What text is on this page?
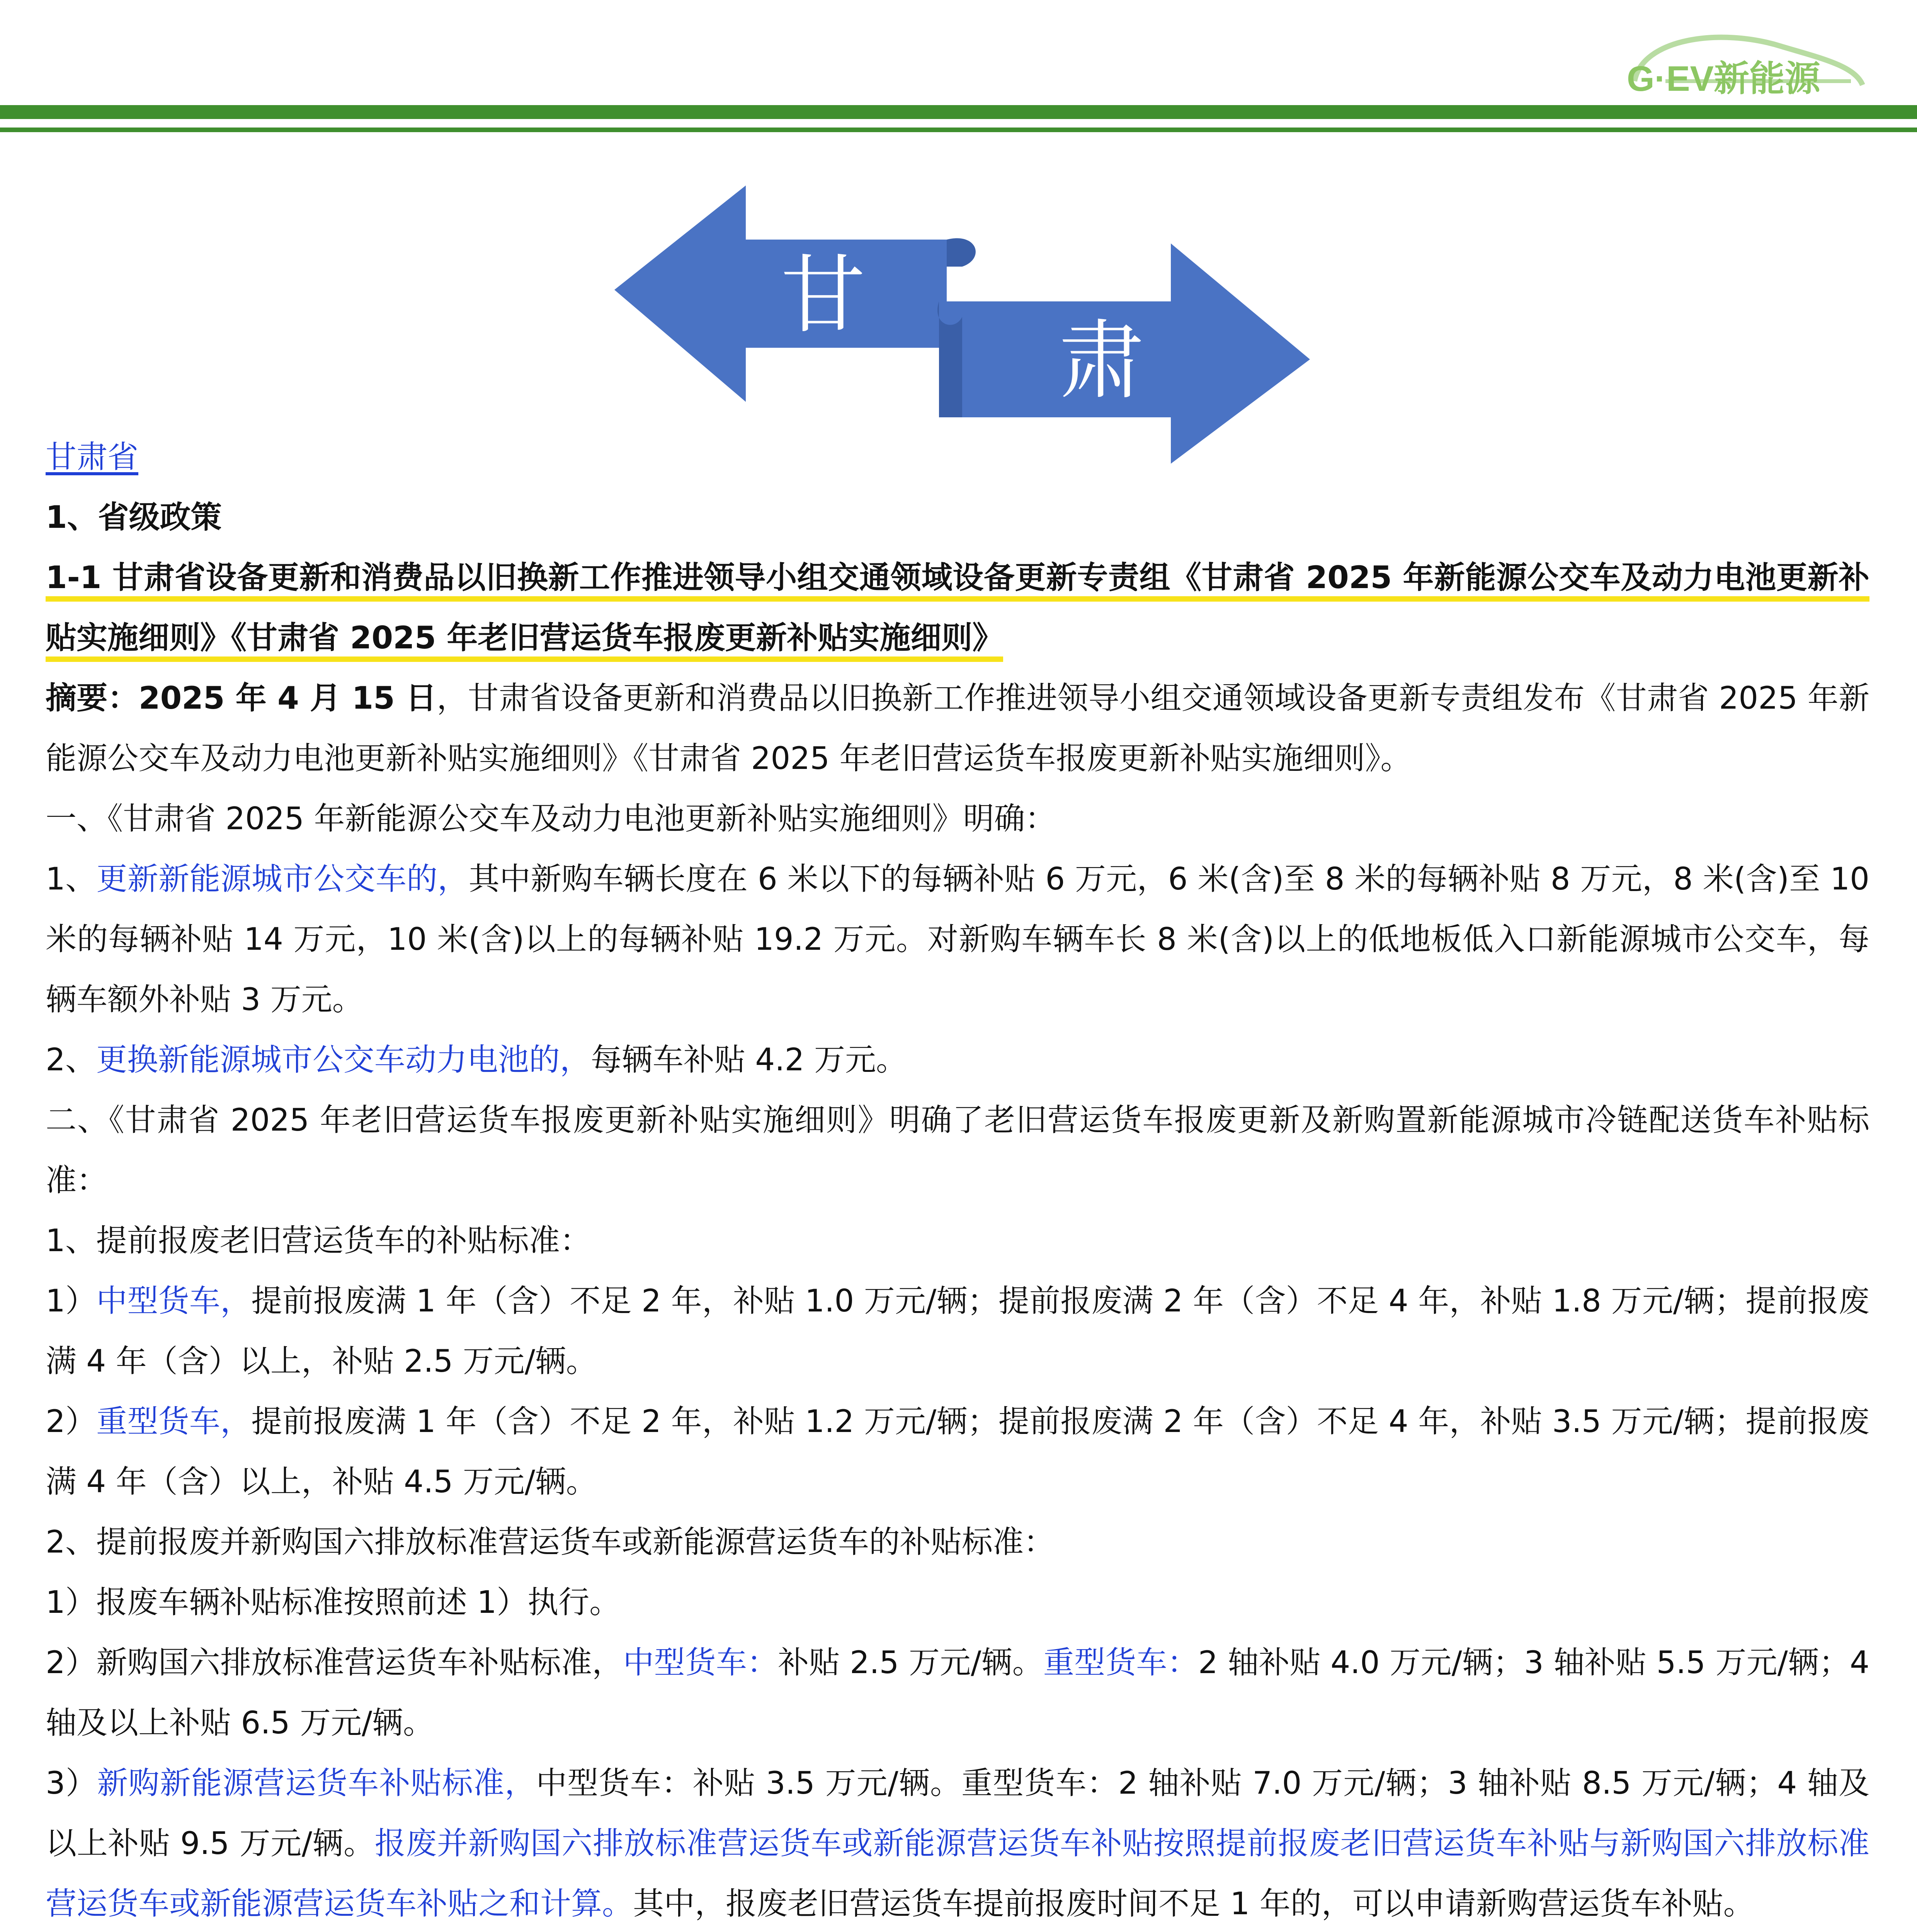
G·EV新能源
甘
肃

甘肃省

1、省级政策

1-1 甘肃省设备更新和消费品以旧换新工作推进领导小组交通领域设备更新专责组《甘肃省 2025 年新能源公交车及动力电池更新补贴实施细则》《甘肃省 2025 年老旧营运货车报废更新补贴实施细则》

摘要：2025 年 4 月 15 日，甘肃省设备更新和消费品以旧换新工作推进领导小组交通领域设备更新专责组发布《甘肃省 2025 年新能源公交车及动力电池更新补贴实施细则》《甘肃省 2025 年老旧营运货车报废更新补贴实施细则》。

一、《甘肃省 2025 年新能源公交车及动力电池更新补贴实施细则》明确：

1、更新新能源城市公交车的，其中新购车辆长度在 6 米以下的每辆补贴 6 万元，6 米(含)至 8 米的每辆补贴 8 万元，8 米(含)至 10 米的每辆补贴 14 万元，10 米(含)以上的每辆补贴 19.2 万元。对新购车辆车长 8 米(含)以上的低地板低入口新能源城市公交车，每辆车额外补贴 3 万元。

2、更换新能源城市公交车动力电池的，每辆车补贴 4.2 万元。

二、《甘肃省 2025 年老旧营运货车报废更新补贴实施细则》明确了老旧营运货车报废更新及新购置新能源城市冷链配送货车补贴标准：

1、提前报废老旧营运货车的补贴标准：

1）中型货车，提前报废满 1 年（含）不足 2 年，补贴 1.0 万元/辆；提前报废满 2 年（含）不足 4 年，补贴 1.8 万元/辆；提前报废满 4 年（含）以上，补贴 2.5 万元/辆。

2）重型货车，提前报废满 1 年（含）不足 2 年，补贴 1.2 万元/辆；提前报废满 2 年（含）不足 4 年，补贴 3.5 万元/辆；提前报废满 4 年（含）以上，补贴 4.5 万元/辆。

2、提前报废并新购国六排放标准营运货车或新能源营运货车的补贴标准：

1）报废车辆补贴标准按照前述 1）执行。

2）新购国六排放标准营运货车补贴标准，中型货车：补贴 2.5 万元/辆。重型货车：2 轴补贴 4.0 万元/辆；3 轴补贴 5.5 万元/辆；4 轴及以上补贴 6.5 万元/辆。

3）新购新能源营运货车补贴标准，中型货车：补贴 3.5 万元/辆。重型货车：2 轴补贴 7.0 万元/辆；3 轴补贴 8.5 万元/辆；4 轴及以上补贴 9.5 万元/辆。报废并新购国六排放标准营运货车或新能源营运货车补贴按照提前报废老旧营运货车补贴与新购国六排放标准营运货车或新能源营运货车补贴之和计算。其中，报废老旧营运货车提前报废时间不足 1 年的，可以申请新购营运货车补贴。
